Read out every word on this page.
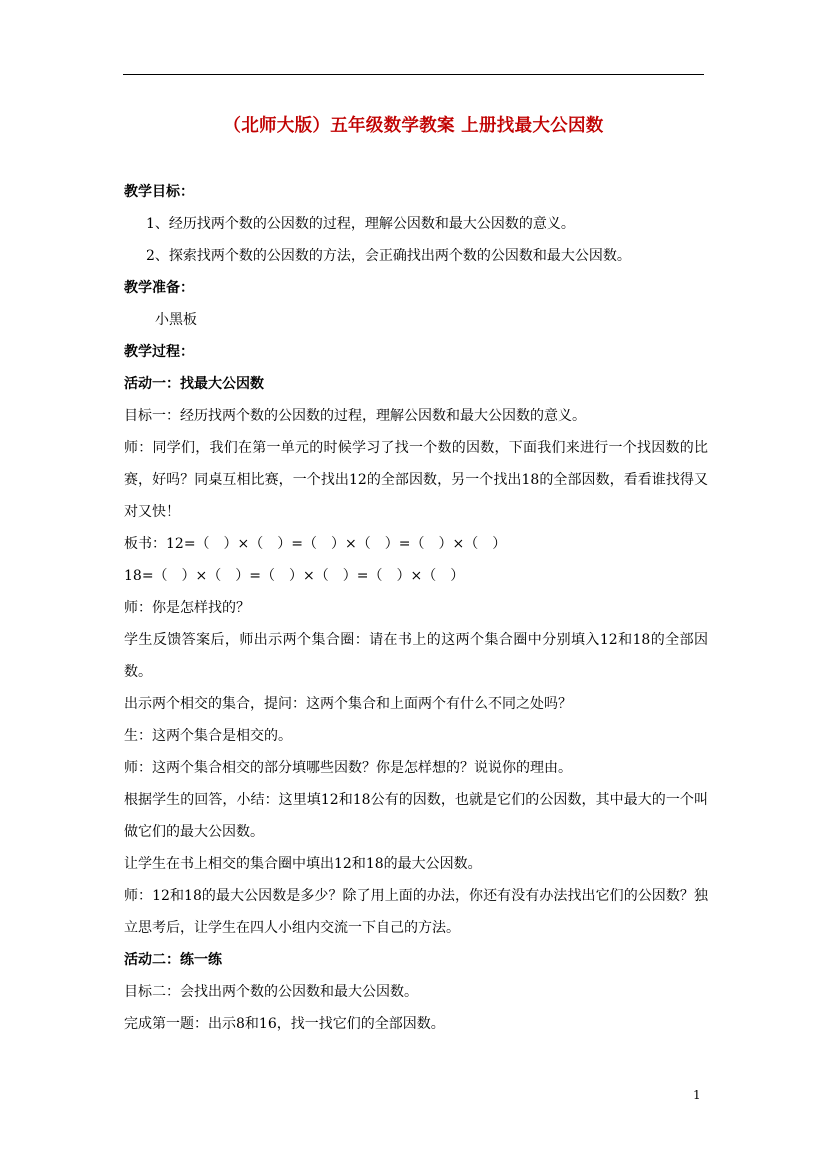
（北师大版）五年级数学教案 上册找最大公因数

教学目标：

1、经历找两个数的公因数的过程，理解公因数和最大公因数的意义。

2、探索找两个数的公因数的方法，会正确找出两个数的公因数和最大公因数。

教学准备：

小黑板

教学过程：

活动一：找最大公因数

目标一：经历找两个数的公因数的过程，理解公因数和最大公因数的意义。

师：同学们，我们在第一单元的时候学习了找一个数的因数，下面我们来进行一个找因数的比赛，好吗？同桌互相比赛，一个找出12的全部因数，另一个找出18的全部因数，看看谁找得又对又快！

板书：12=（　）×（　）=（　）×（　）=（　）×（　）

18=（　）×（　）=（　）×（　）=（　）×（　）

师：你是怎样找的？

学生反馈答案后，师出示两个集合圈：请在书上的这两个集合圈中分别填入12和18的全部因数。

出示两个相交的集合，提问：这两个集合和上面两个有什么不同之处吗？

生：这两个集合是相交的。

师：这两个集合相交的部分填哪些因数？你是怎样想的？说说你的理由。

根据学生的回答，小结：这里填12和18公有的因数，也就是它们的公因数，其中最大的一个叫做它们的最大公因数。

让学生在书上相交的集合圈中填出12和18的最大公因数。

师：12和18的最大公因数是多少？除了用上面的办法，你还有没有办法找出它们的公因数？独立思考后，让学生在四人小组内交流一下自己的方法。

活动二：练一练

目标二：会找出两个数的公因数和最大公因数。

完成第一题：出示8和16，找一找它们的全部因数。

1
